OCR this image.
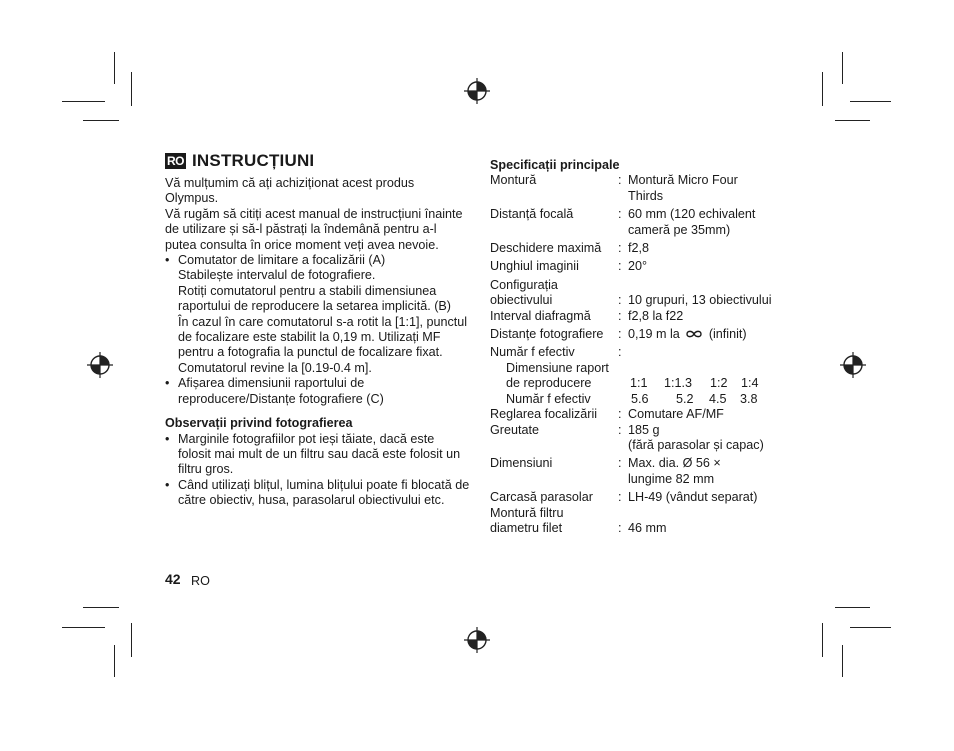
RO INSTRUCȚIUNI

Vă mulțumim că ați achiziționat acest produs Olympus.

Vă rugăm să citiți acest manual de instrucțiuni înainte de utilizare și să-l păstrați la îndemână pentru a-l putea consulta în orice moment veți avea nevoie.

• Comutator de limitare a focalizării (A)
Stabilește intervalul de fotografiere.
Rotiți comutatorul pentru a stabili dimensiunea raportului de reproducere la setarea implicită. (B)
În cazul în care comutatorul s-a rotit la [1:1], punctul de focalizare este stabilit la 0,19 m. Utilizați MF pentru a fotografia la punctul de focalizare fixat. Comutatorul revine la [0.19-0.4 m].
• Afișarea dimensiunii raportului de reproducere/Distanțe fotografiere (C)
Observații privind fotografierea
• Marginile fotografiilor pot ieși tăiate, dacă este folosit mai mult de un filtru sau dacă este folosit un filtru gros.
• Când utilizați blițul, lumina blițului poate fi blocată de către obiectiv, husa, parasolarul obiectivului etc.
42 RO
Specificații principale
Montură	: Montură Micro Four
Thirds
Distanță focală	: 60 mm (120 echivalent
cameră pe 35mm)
Deschidere maximă	: f2,8
Unghiul imaginii	: 20°
Configurația
obiectivului	: 10 grupuri, 13 obiectivului
Interval diafragmă	: f2,8 la f22
Distanțe fotografiere	: 0,19 m la (infinit)
Număr f efectiv	:
Dimensiune raport
de reproducere	1:1	1:1.3	1:2	1:4
Număr f efectiv	5.6	5.2	4.5	3.8
Reglarea focalizării	: Comutare AF/MF
Greutate	: 185 g
(fără parasolar și capac)
Dimensiuni	: Max. dia. Ø 56 ×
lungime 82 mm
Carcasă parasolar	: LH-49 (vândut separat)
Montură filtru
diametru filet	: 46 mm
